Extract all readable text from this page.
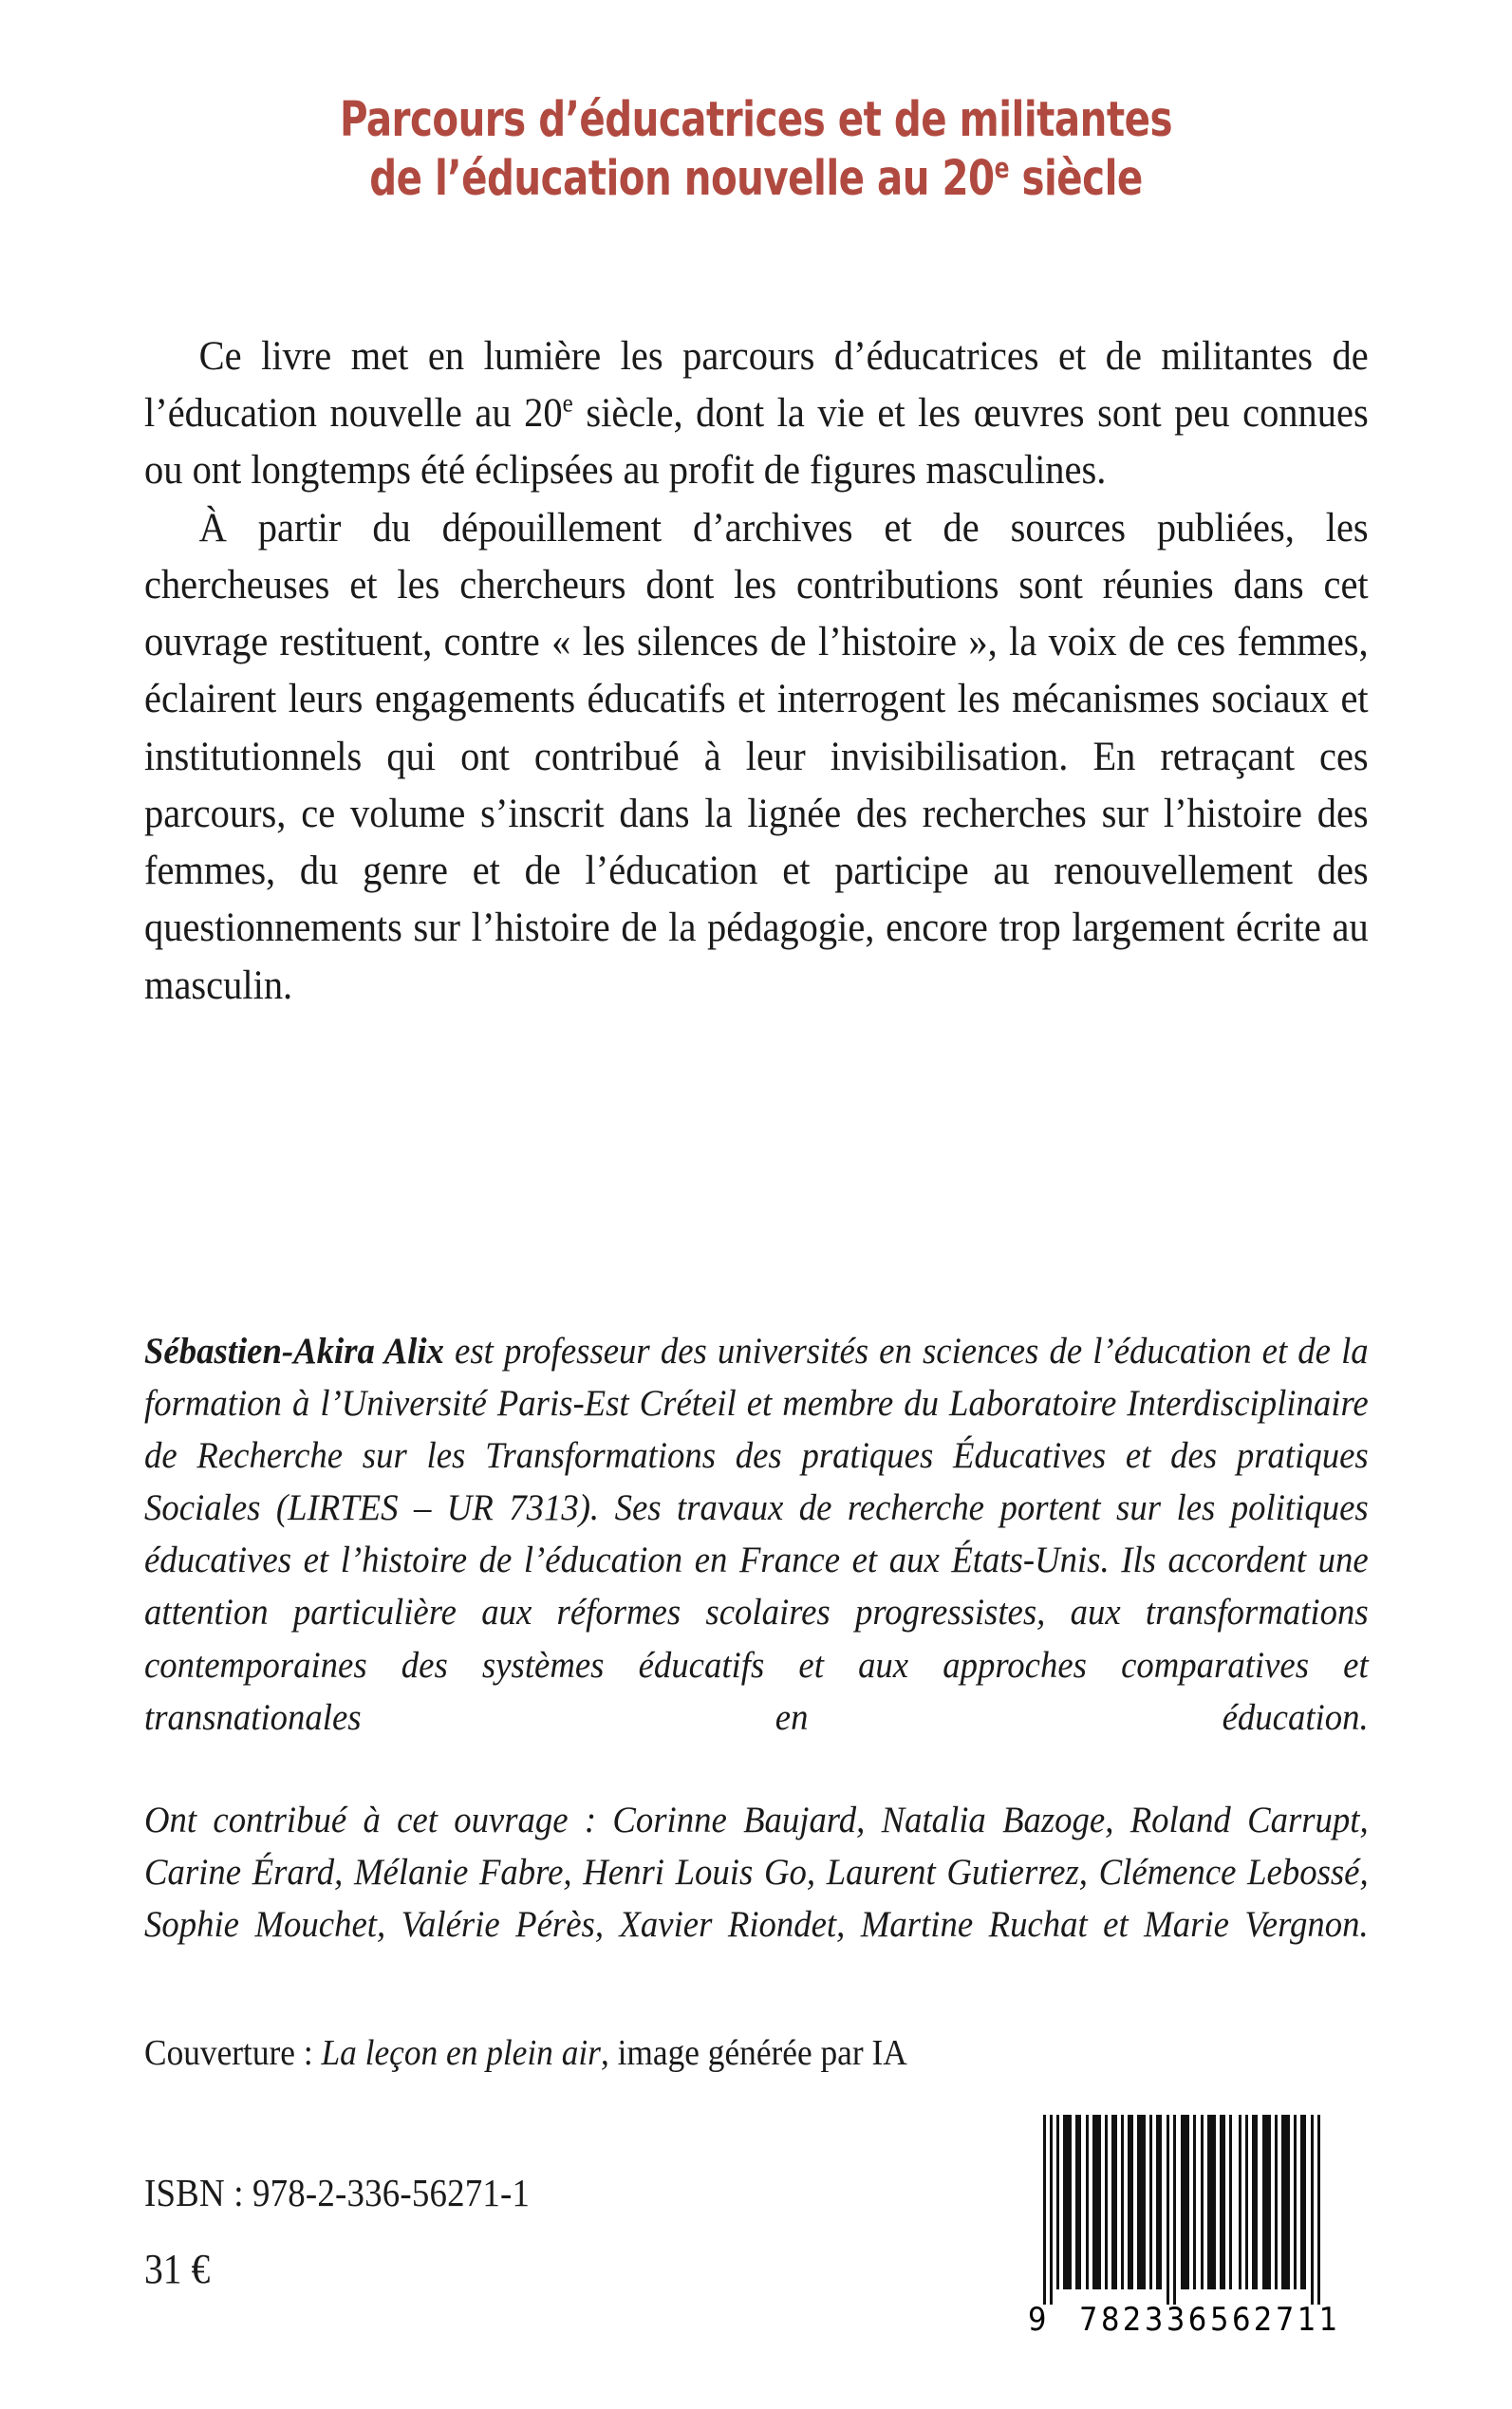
Parcours d’éducatrices et de militantes
de l’éducation nouvelle au 20e siècle

Ce livre met en lumière les parcours d’éducatrices et de militantes de l’éducation nouvelle au 20e siècle, dont la vie et les œuvres sont peu connues ou ont longtemps été éclipsées au profit de figures masculines.

À partir du dépouillement d’archives et de sources publiées, les chercheuses et les chercheurs dont les contributions sont réunies dans cet ouvrage restituent, contre « les silences de l’histoire », la voix de ces femmes, éclairent leurs engagements éducatifs et interrogent les mécanismes sociaux et institutionnels qui ont contribué à leur invisibilisation. En retraçant ces parcours, ce volume s’inscrit dans la lignée des recherches sur l’histoire des femmes, du genre et de l’éducation et participe au renouvellement des questionnements sur l’histoire de la pédagogie, encore trop largement écrite au masculin.

Sébastien-Akira Alix est professeur des universités en sciences de l’éducation et de la formation à l’Université Paris-Est Créteil et membre du Laboratoire Interdisciplinaire de Recherche sur les Transformations des pratiques Éducatives et des pratiques Sociales (LIRTES – UR 7313). Ses travaux de recherche portent sur les politiques éducatives et l’histoire de l’éducation en France et aux États-Unis. Ils accordent une attention particulière aux réformes scolaires progressistes, aux transformations contemporaines des systèmes éducatifs et aux approches comparatives et transnationales en éducation.

Ont contribué à cet ouvrage : Corinne Baujard, Natalia Bazoge, Roland Carrupt, Carine Érard, Mélanie Fabre, Henri Louis Go, Laurent Gutierrez, Clémence Lebossé, Sophie Mouchet, Valérie Pérès, Xavier Riondet, Martine Ruchat et Marie Vergnon.

Couverture : La leçon en plein air, image générée par IA
ISBN : 978-2-336-56271-1
31 €
9 782336 562711
